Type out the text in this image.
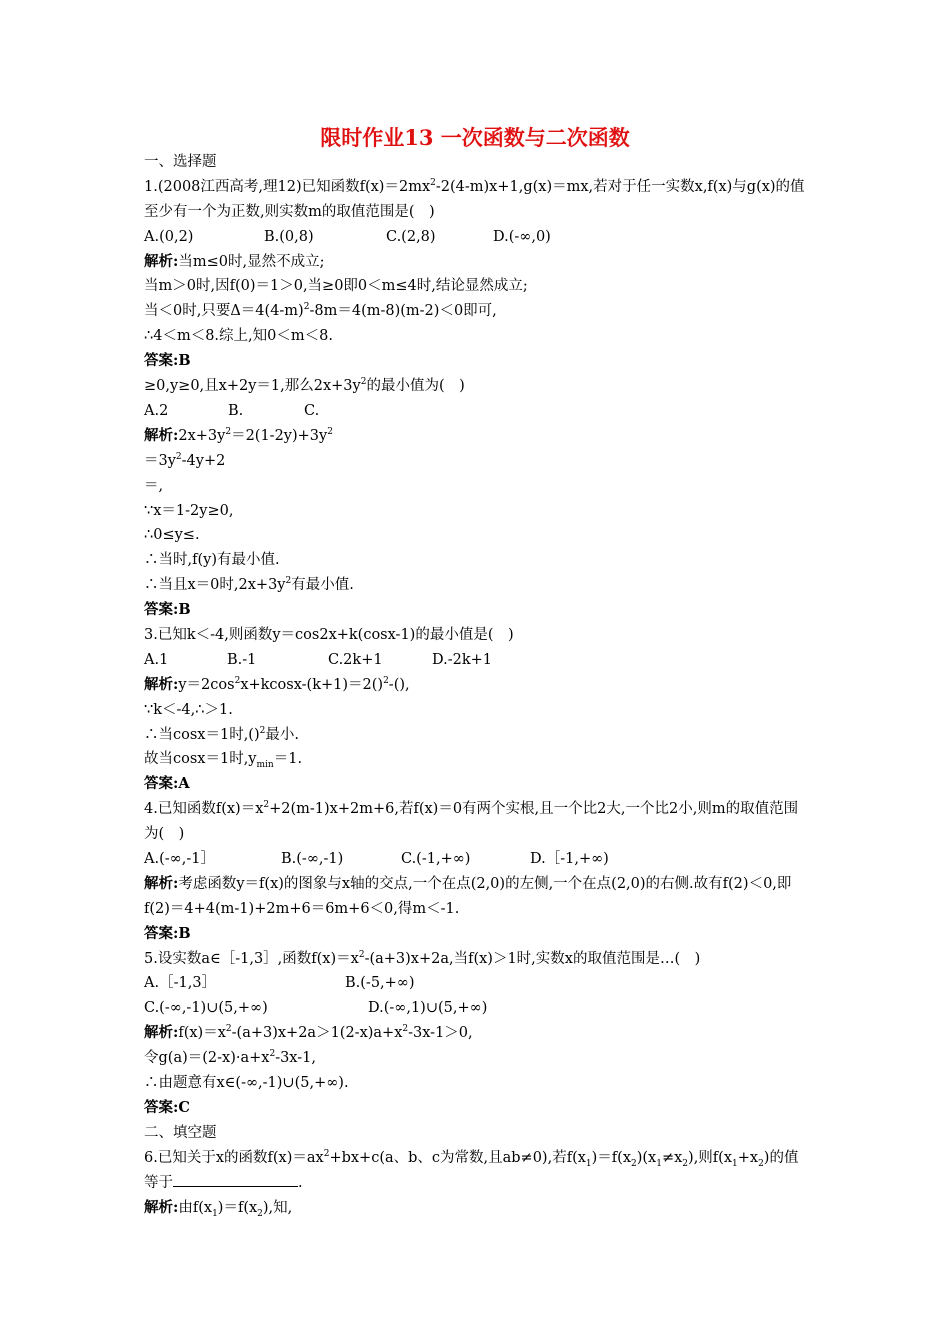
限时作业13 一次函数与二次函数
一、选择题
1.(2008江西高考,理12)已知函数$f(x)=2mx^2-2(4-m)x+1,g(x)=mx$,若对于任一实数x,f(x)与g(x)的值至少有一个为正数,则实数m的取值范围是(　)
A.(0,2)	B.(0,8)	C.(2,8)	D.(-∞,0)
解析:当m≤0时,显然不成立;
当m＞0时,因f(0)＝1＞0,当≥0即0＜m≤4时,结论显然成立;
当＜0时,只要$\Delta=4(4-m)^2-8m=4(m-8)(m-2)<0$即可,
∴4＜m＜8.综上,知0＜m＜8.
答案:B
≥0,y≥0,且x+2y＝1,那么$2x+3y^2$的最小值为(　)
A.2	B.	C.
解析$:2x+3y^2=2(1-2y)+3y^2$
$=3y^2-4y+2$
＝,
∵x＝1-2y≥0,
∴0≤y≤.
∴当时,f(y)有最小值.
∴当且x＝0时$,2x+3y^2$有最小值.
答案:B
3.已知k＜-4,则函数y＝cos2x+k(cosx-1)的最小值是(　)
A.1	B.-1	C.2k+1	D.-2k+1
解析$:y=2\cos^2x+kcosx-(k+1)=2()^2-()$,
∵k＜-4,∴＞1.
∴当cosx＝1时,()$^2$最小.
故当cosx＝1时$,y_{min}=1$.
答案:A
4.已知函数$f(x)=x^2+2(m-1)x+2m+6$,若f(x)＝0有两个实根,且一个比2大,一个比2小,则m的取值范围为(　)
A.(-∞,-1］	B.(-∞,-1)	C.(-1,+∞)	D.［-1,+∞)
解析:考虑函数y＝f(x)的图象与x轴的交点,一个在点(2,0)的左侧,一个在点(2,0)的右侧.故有f(2)＜0,即f(2)＝4+4(m-1)+2m+6＝6m+6＜0,得m＜-1.
答案:B
5.设实数a∈［-1,3］,函数$f(x)=x^2-(a+3)x+2a$,当f(x)＞1时,实数x的取值范围是…(　)
A.［-1,3］	B.(-5,+∞)
C.(-∞,-1)∪(5,+∞)	D.(-∞,1)∪(5,+∞)
解析$:f(x)=x^2-(a+3)x+2a>1(2-x)a+x^2-3x-1>0$,
令$g(a)=(2-x)\cdot a+x^2-3x-1$,
∴由题意有x∈(-∞,-1)∪(5,+∞).
答案:C
二、填空题
6.已知关于x的函数$f(x)=ax^2+bx+c(a$、b、c为常数,且ab≠0),若$f(x_1)=f(x_2)(x_1\ne x_2)$,则$f(x_1+x_2)$的值等于	.
解析:由$f(x_1)=f(x_2)$,知,
